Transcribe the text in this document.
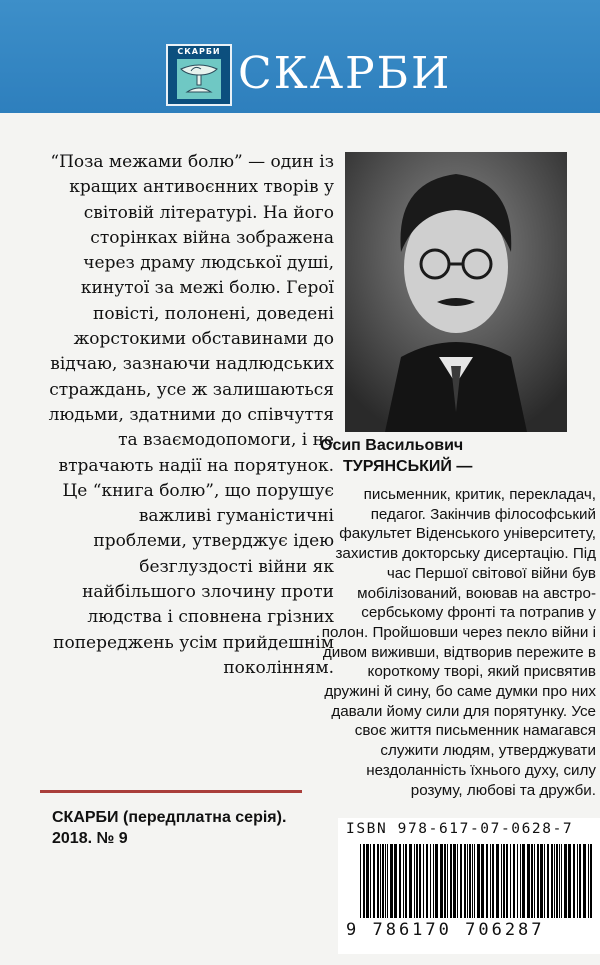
СКАРБИ СКАРБИ

“Поза межами болю” — один із кращих антивоєнних творів у світовій літературі. На його сторінках війна зображена через драму людської душі, кинутої за межі болю. Герої повісті, полонені, доведені жорстокими обставинами до відчаю, зазнаючи надлюдських страждань, усе ж залишаються людьми, здатними до співчуття та взаємодопомоги, і не втрачають надії на порятунок. Це “книга болю”, що порушує важливі гуманістичні проблеми, утверджує ідею безглуздості війни як найбільшого злочину проти людства і сповнена грізних попереджень усім прийдешнім поколінням.

Осип Васильович
ТУРЯНСЬКИЙ —

письменник, критик, перекладач, педагог. Закінчив філософський факультет Віденського університету, захистив докторську дисертацію. Під час Першої світової війни був мобілізований, воював на австро-сербському фронті та потрапив у полон. Пройшовши через пекло війни і дивом виживши, відтворив пережите в короткому творі, який присвятив дружині й сину, бо саме думки про них давали йому сили для порятунку. Усе своє життя письменник намагався служити людям, утверджувати нездоланність їхнього духу, силу розуму, любові та дружби.

СКАРБИ (передплатна серія).
2018. № 9
ISBN 978-617-07-0628-7
9 786170 706287
